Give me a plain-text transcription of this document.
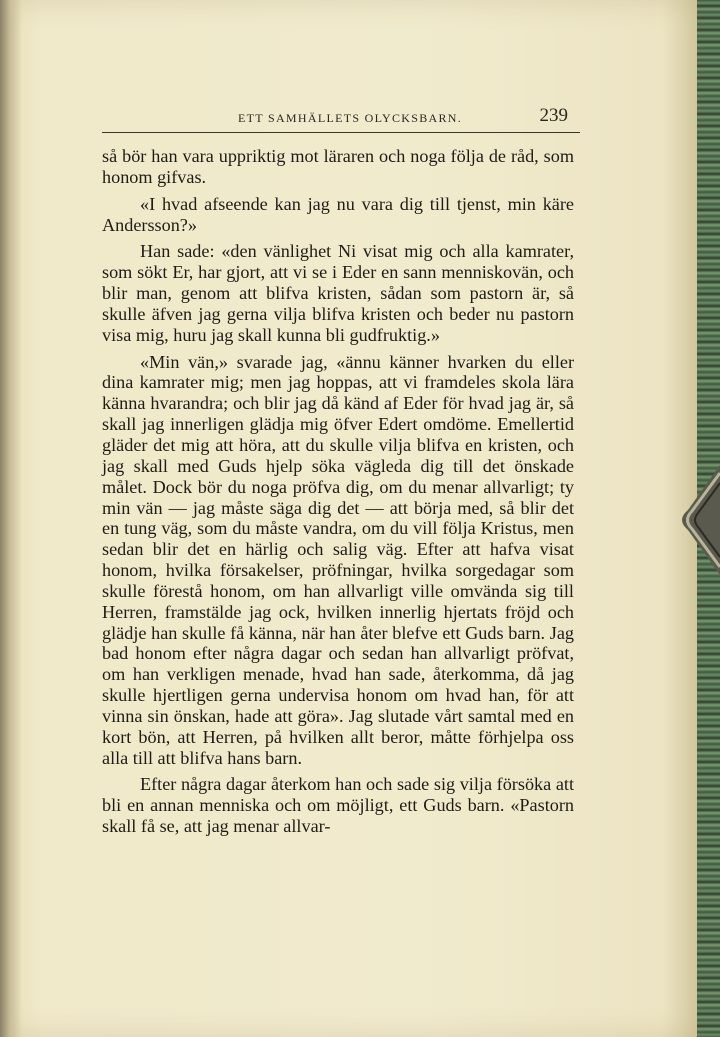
ETT SAMHÄLLETS OLYCKSBARN.	239

så bör han vara uppriktig mot läraren och noga följa de råd, som honom gifvas.

«I hvad afseende kan jag nu vara dig till tjenst, min käre Andersson?»

Han sade: «den vänlighet Ni visat mig och alla kamrater, som sökt Er, har gjort, att vi se i Eder en sann menniskovän, och blir man, genom att blifva kristen, sådan som pastorn är, så skulle äfven jag gerna vilja blifva kristen och beder nu pastorn visa mig, huru jag skall kunna bli gudfruktig.»

«Min vän,» svarade jag, «ännu känner hvarken du eller dina kamrater mig; men jag hoppas, att vi framdeles skola lära känna hvarandra; och blir jag då känd af Eder för hvad jag är, så skall jag innerligen glädja mig öfver Edert omdöme. Emellertid gläder det mig att höra, att du skulle vilja blifva en kristen, och jag skall med Guds hjelp söka vägleda dig till det önskade målet. Dock bör du noga pröfva dig, om du menar allvarligt; ty min vän — jag måste säga dig det — att börja med, så blir det en tung väg, som du måste vandra, om du vill följa Kristus, men sedan blir det en härlig och salig väg. Efter att hafva visat honom, hvilka försakelser, pröfningar, hvilka sorgedagar som skulle förestå honom, om han allvarligt ville omvända sig till Herren, framstälde jag ock, hvilken innerlig hjertats fröjd och glädje han skulle få känna, när han åter blefve ett Guds barn. Jag bad honom efter några dagar och sedan han allvarligt pröfvat, om han verkligen menade, hvad han sade, återkomma, då jag skulle hjertligen gerna undervisa honom om hvad han, för att vinna sin önskan, hade att göra». Jag slutade vårt samtal med en kort bön, att Herren, på hvilken allt beror, måtte förhjelpa oss alla till att blifva hans barn.

Efter några dagar återkom han och sade sig vilja försöka att bli en annan menniska och om möjligt, ett Guds barn. «Pastorn skall få se, att jag menar allvar-
